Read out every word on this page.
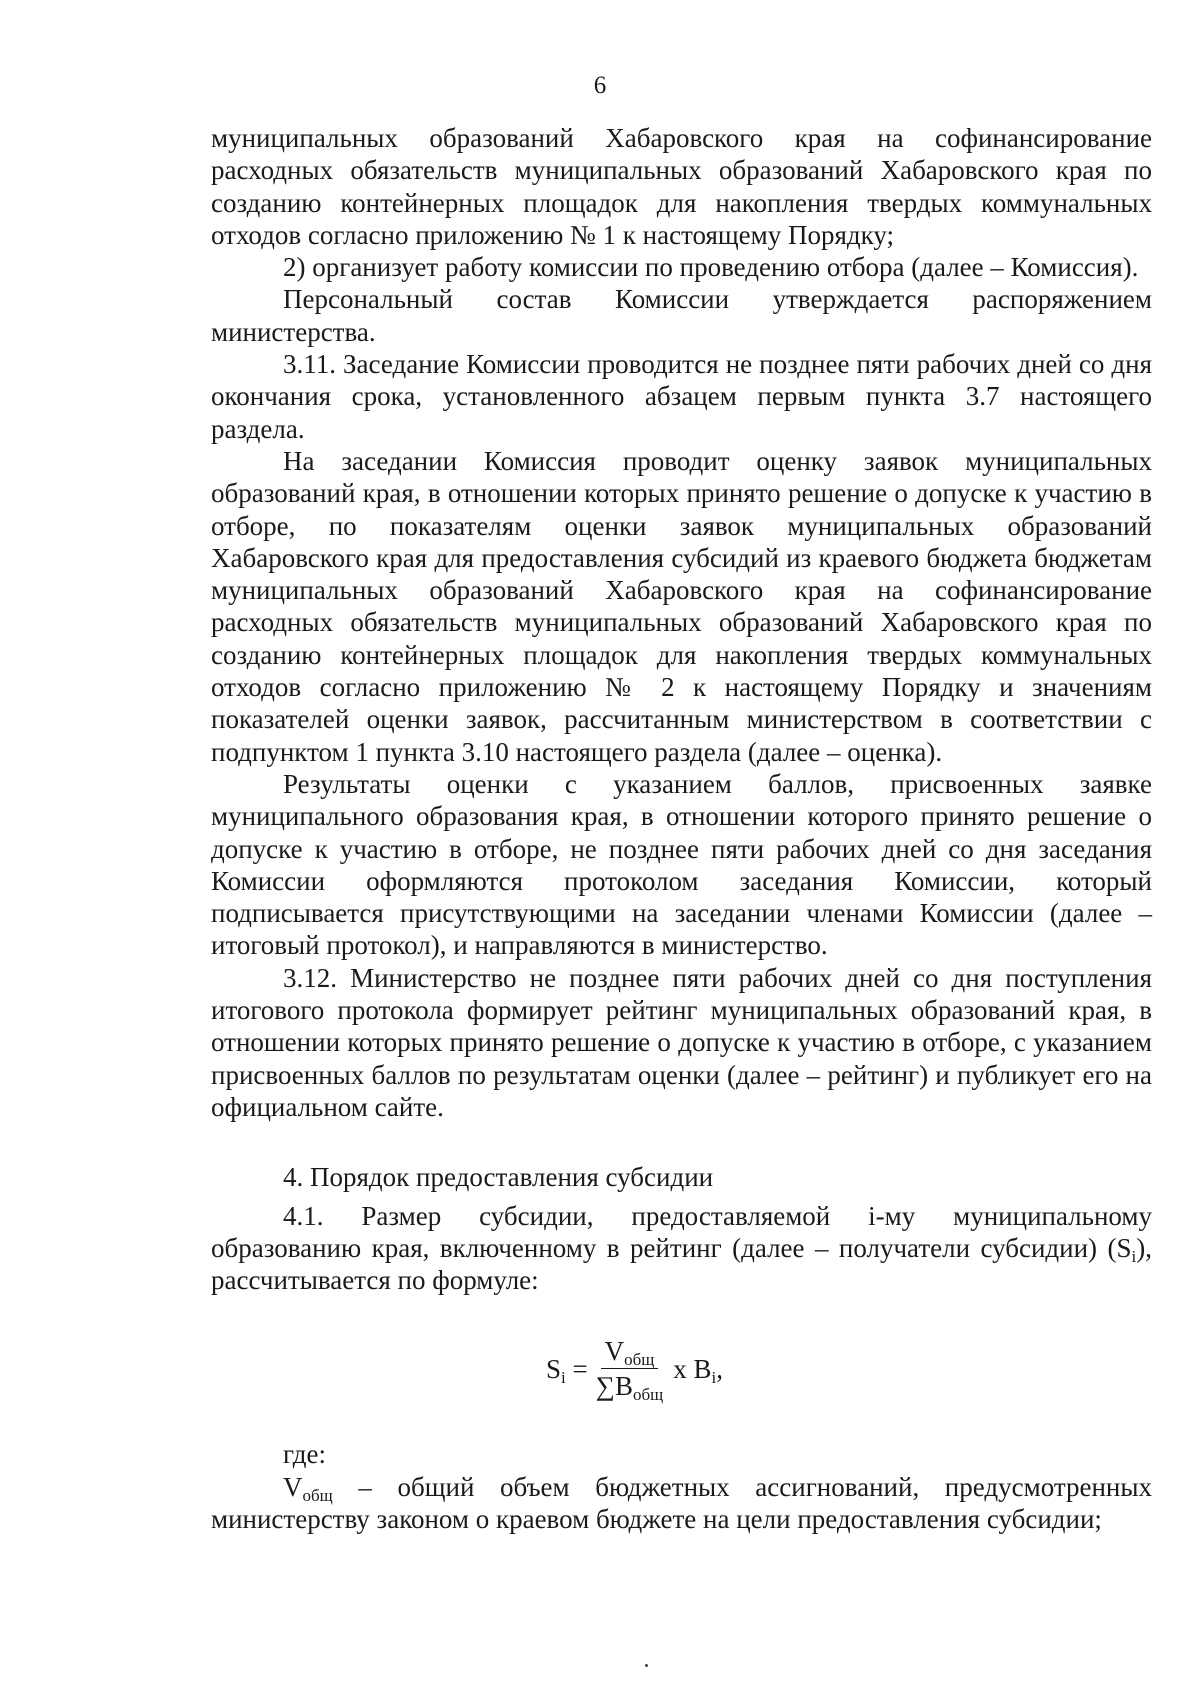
6

муниципальных образований Хабаровского края на софинансирование расходных обязательств муниципальных образований Хабаровского края по созданию контейнерных площадок для накопления твердых коммунальных отходов согласно приложению № 1 к настоящему Порядку;

2) организует работу комиссии по проведению отбора (далее – Комиссия).

Персональный состав Комиссии утверждается распоряжением министерства.

3.11. Заседание Комиссии проводится не позднее пяти рабочих дней со дня окончания срока, установленного абзацем первым пункта 3.7 настоящего раздела.

На заседании Комиссия проводит оценку заявок муниципальных образований края, в отношении которых принято решение о допуске к участию в отборе, по показателям оценки заявок муниципальных образований Хабаровского края для предоставления субсидий из краевого бюджета бюджетам муниципальных образований Хабаровского края на софинансирование расходных обязательств муниципальных образований Хабаровского края по созданию контейнерных площадок для накопления твердых коммунальных отходов согласно приложению № 2 к настоящему Порядку и значениям показателей оценки заявок, рассчитанным министерством в соответствии с подпунктом 1 пункта 3.10 настоящего раздела (далее – оценка).

Результаты оценки с указанием баллов, присвоенных заявке муниципального образования края, в отношении которого принято решение о допуске к участию в отборе, не позднее пяти рабочих дней со дня заседания Комиссии оформляются протоколом заседания Комиссии, который подписывается присутствующими на заседании членами Комиссии (далее – итоговый протокол), и направляются в министерство.

3.12. Министерство не позднее пяти рабочих дней со дня поступления итогового протокола формирует рейтинг муниципальных образований края, в отношении которых принято решение о допуске к участию в отборе, с указанием присвоенных баллов по результатам оценки (далее – рейтинг) и публикует его на официальном сайте.

4. Порядок предоставления субсидии

4.1. Размер субсидии, предоставляемой i-му муниципальному образованию края, включенному в рейтинг (далее – получатели субсидии) $(S_i)$, рассчитывается по формуле:

$S_i = \frac{V_{общ}}{\sum B_{общ}}$ x $B_i$,

где:

$V_{общ}$ – общий объем бюджетных ассигнований, предусмотренных министерству законом о краевом бюджете на цели предоставления субсидии;
